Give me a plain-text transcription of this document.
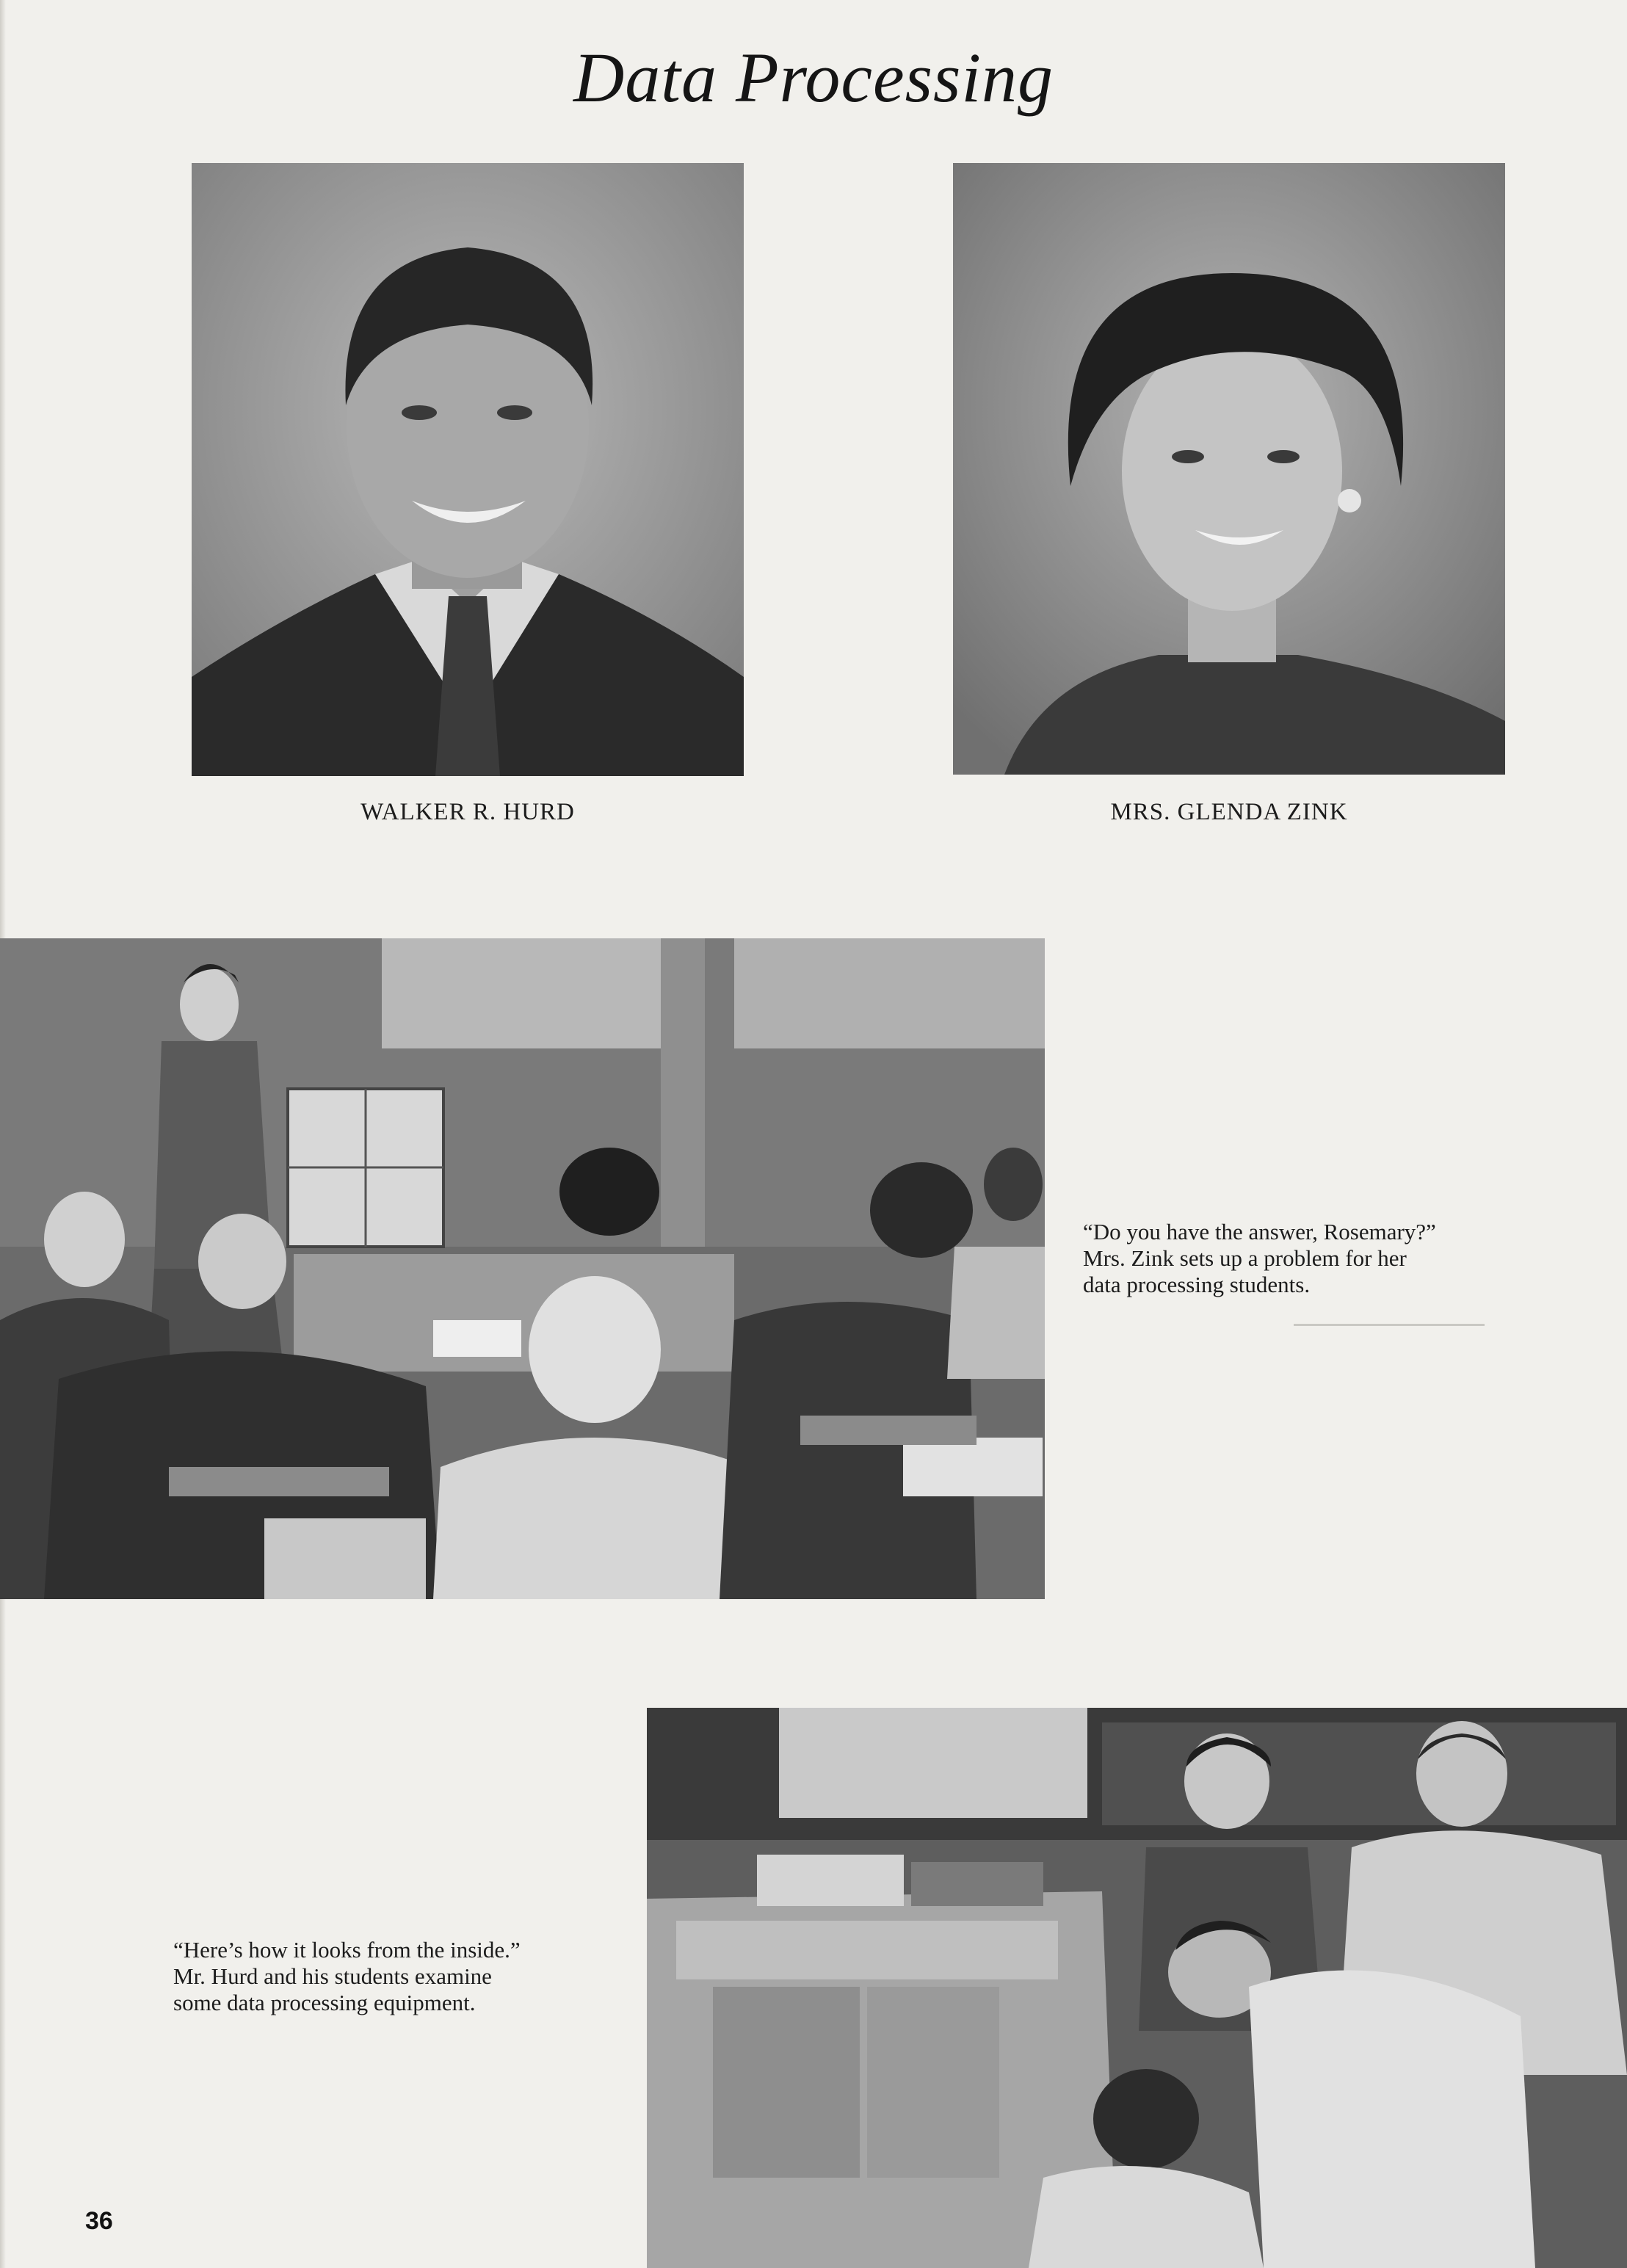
Data Processing
WALKER R. HURD	MRS. GLENDA ZINK
“Do you have the answer, Rosemary?”
Mrs. Zink sets up a problem for her
data processing students.
“Here’s how it looks from the inside.”
Mr. Hurd and his students examine
some data processing equipment.
36
